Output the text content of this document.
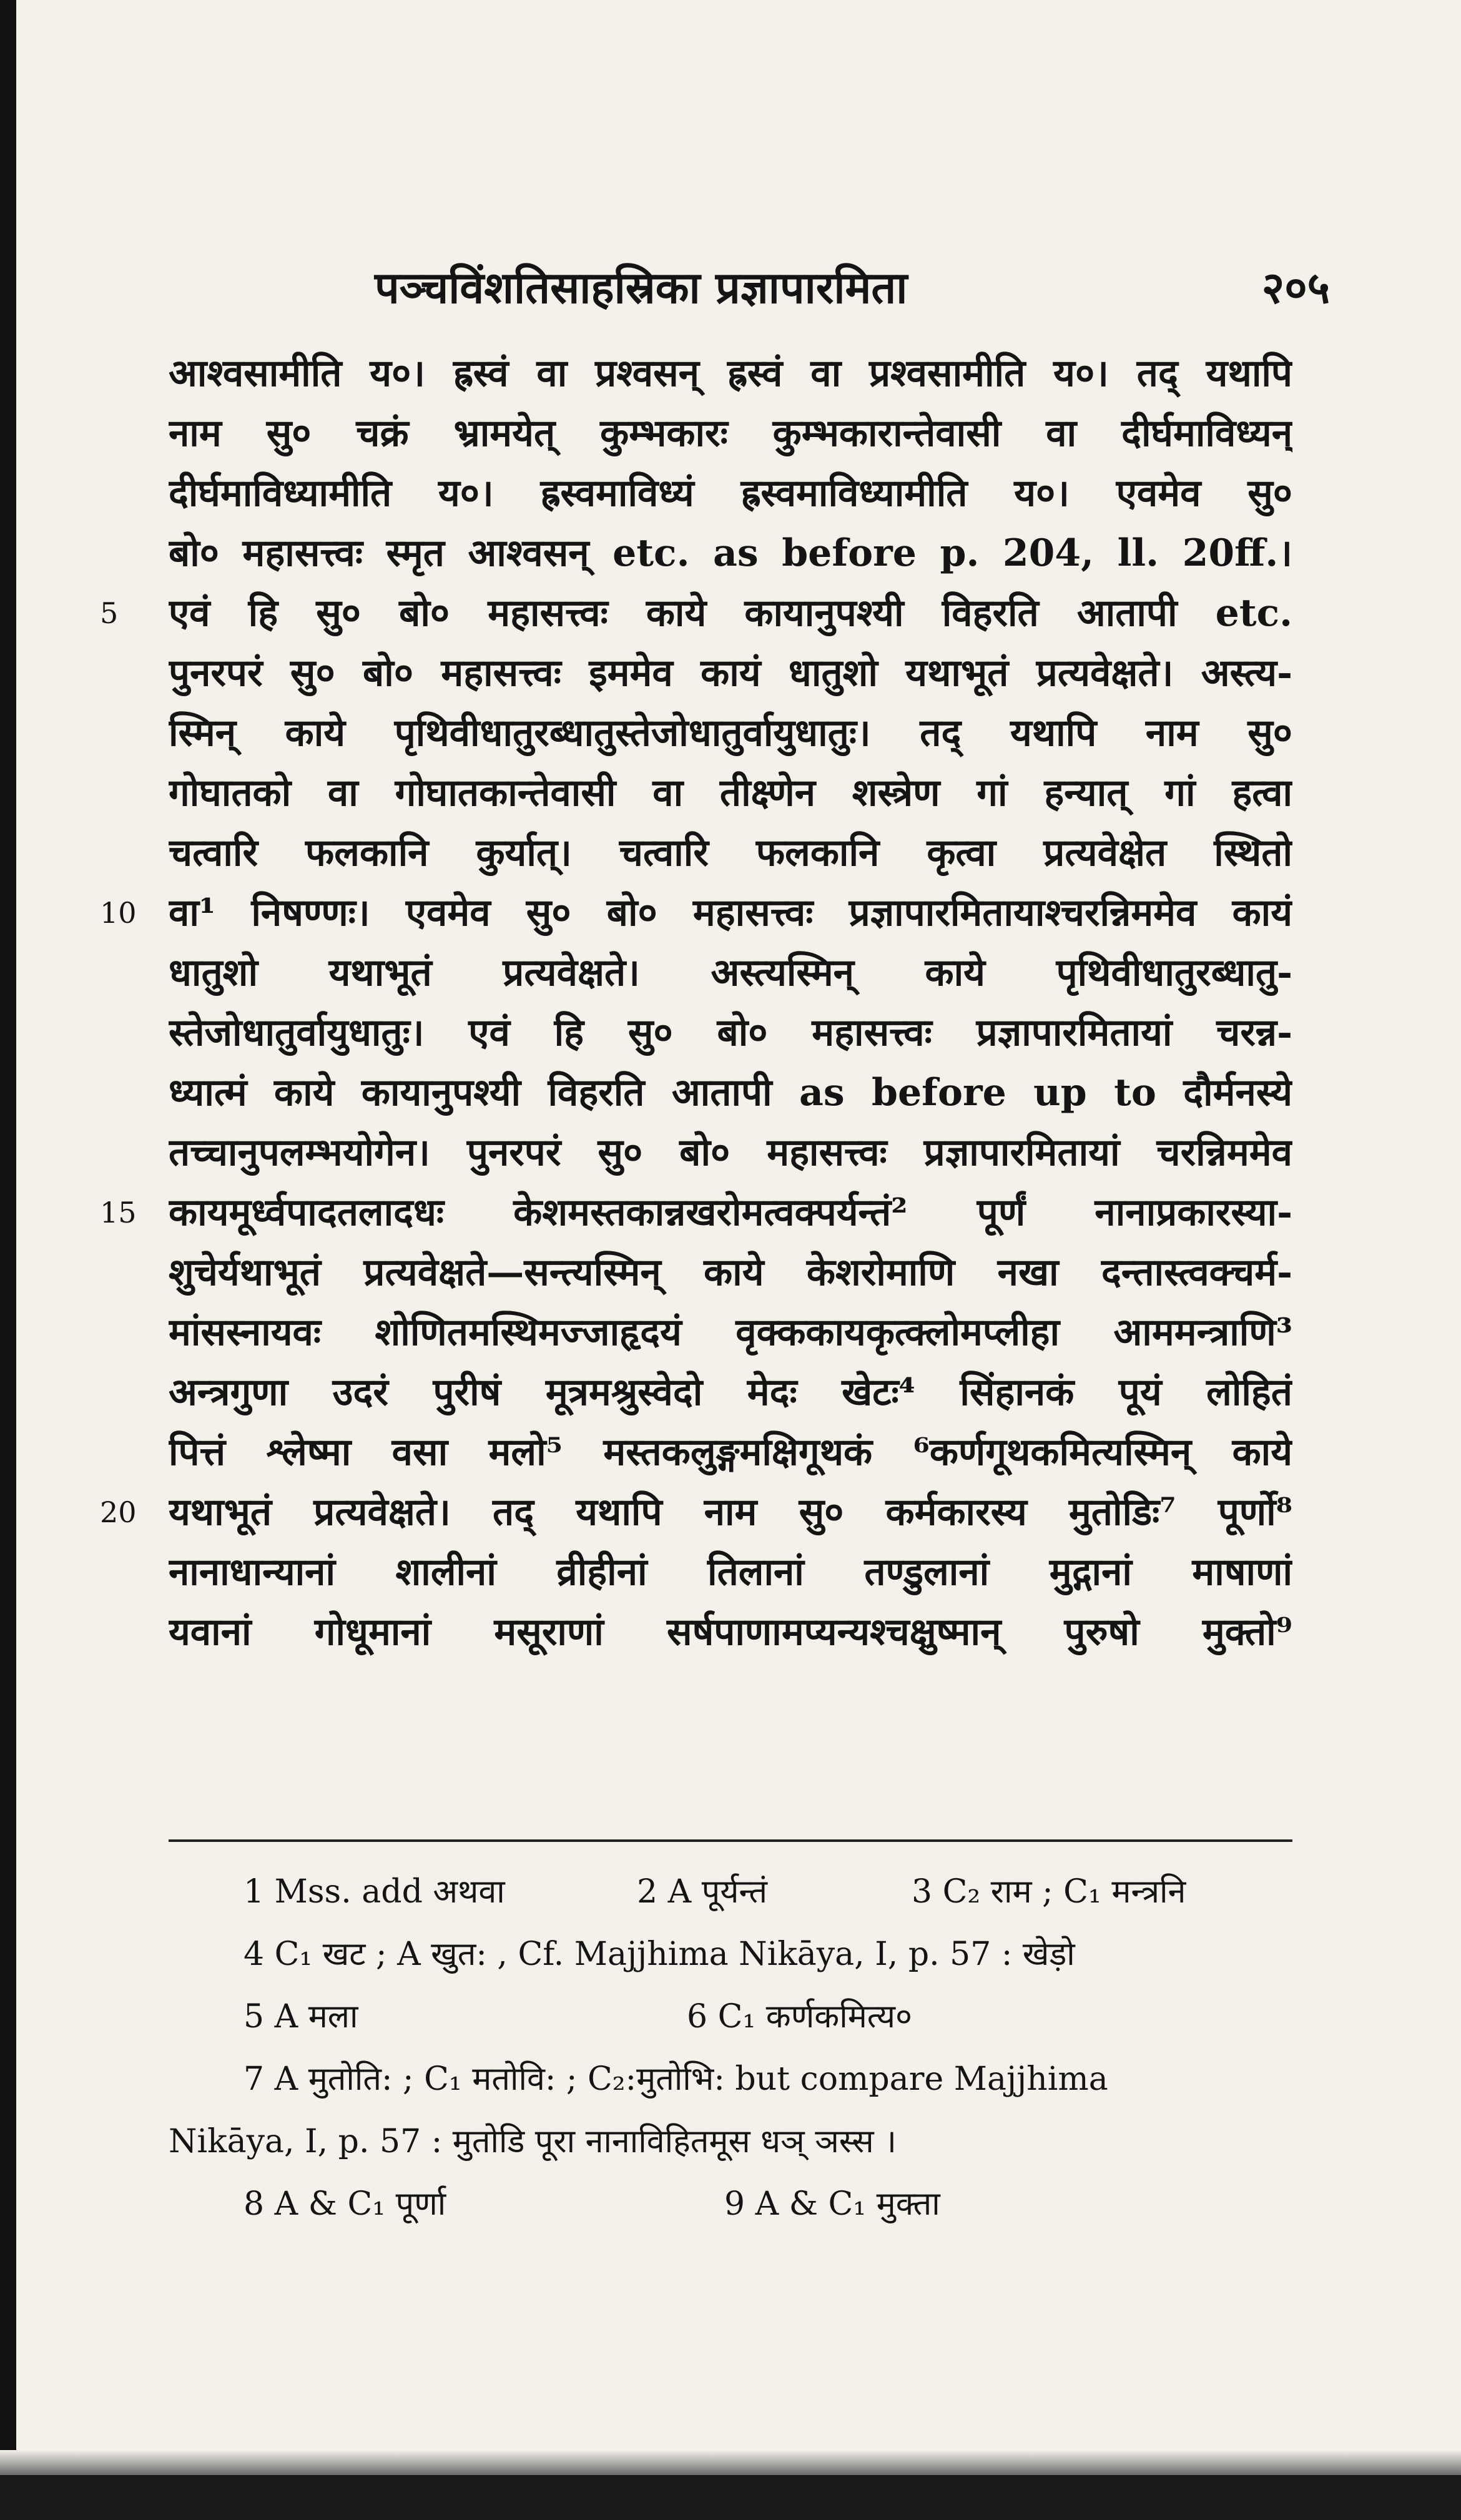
पञ्चविंशतिसाहस्रिका प्रज्ञापारमिता	२०५
आश्वसामीति य०। ह्रस्वं वा प्रश्वसन् ह्रस्वं वा प्रश्वसामीति य०। तद् यथापि
नाम सु० चक्रं भ्रामयेत् कुम्भकारः कुम्भकारान्तेवासी वा दीर्घमाविध्यन्
दीर्घमाविध्यामीति य०। ह्रस्वमाविध्यं ह्रस्वमाविध्यामीति य०। एवमेव सु०
बो० महासत्त्वः स्मृत आश्वसन् etc. as before p. 204, ll. 20ff.।
5 एवं हि सु० बो० महासत्त्वः काये कायानुपश्यी विहरति आतापी etc.
पुनरपरं सु० बो० महासत्त्वः इममेव कायं धातुशो यथाभूतं प्रत्यवेक्षते। अस्त्य-
स्मिन् काये पृथिवीधातुरब्धातुस्तेजोधातुर्वायुधातुः। तद् यथापि नाम सु०
गोघातको वा गोघातकान्तेवासी वा तीक्ष्णेन शस्त्रेण गां हन्यात् गां हत्वा
चत्वारि फलकानि कुर्यात्। चत्वारि फलकानि कृत्वा प्रत्यवेक्षेत स्थितो
10 वा¹ निषण्णः। एवमेव सु० बो० महासत्त्वः प्रज्ञापारमितायाश्चरन्निममेव कायं
धातुशो यथाभूतं प्रत्यवेक्षते। अस्त्यस्मिन् काये पृथिवीधातुरब्धातु-
स्तेजोधातुर्वायुधातुः। एवं हि सु० बो० महासत्त्वः प्रज्ञापारमितायां चरन्न-
ध्यात्मं काये कायानुपश्यी विहरति आतापी as before up to दौर्मनस्ये
तच्चानुपलम्भयोगेन। पुनरपरं सु० बो० महासत्त्वः प्रज्ञापारमितायां चरन्निममेव
15 कायमूर्ध्वपादतलादधः केशमस्तकान्नखरोमत्वक्पर्यन्तं² पूर्णं नानाप्रकारस्या-
शुचेर्यथाभूतं प्रत्यवेक्षते—सन्त्यस्मिन् काये केशरोमाणि नखा दन्तास्त्वक्चर्म-
मांसस्नायवः शोणितमस्थिमज्जाहृदयं वृक्ककायकृत्क्लोमप्लीहा आममन्त्राणि³
अन्त्रगुणा उदरं पुरीषं मूत्रमश्रुस्वेदो मेदः खेटः⁴ सिंहानकं पूयं लोहितं
पित्तं श्लेष्मा वसा मलो⁵ मस्तकलुङ्गमक्षिगूथकं ⁶कर्णगूथकमित्यस्मिन् काये
20 यथाभूतं प्रत्यवेक्षते। तद् यथापि नाम सु० कर्मकारस्य मुतोडिः⁷ पूर्णो⁸
नानाधान्यानां शालीनां व्रीहीनां तिलानां तण्डुलानां मुद्गानां माषाणां
यवानां गोधूमानां मसूराणां सर्षपाणामप्यन्यश्चक्षुष्मान् पुरुषो मुक्तो⁹
1 Mss. add अथवा	2 A पूर्यन्तं	3 C₂ राम ; C₁ मन्त्रनि
4 C₁ खट ; A खुत: , Cf. Majjhima Nikāya, I, p. 57 : खेड़ो
5 A मला	6 C₁ कर्णकमित्य०
7 A मुतोति: ; C₁ मतोवि: ; C₂:मुतोभि: but compare Majjhima
Nikāya, I, p. 57 : मुतोडि पूरा नानाविहितमूस धञ् ञस्स ।
8 A & C₁ पूर्णा	9 A & C₁ मुक्ता
